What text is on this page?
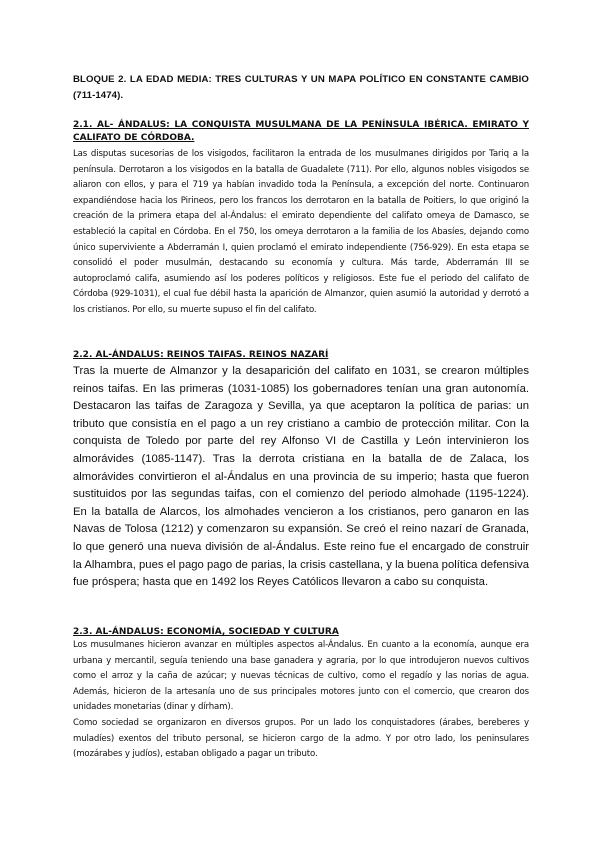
BLOQUE 2. LA EDAD MEDIA: TRES CULTURAS Y UN MAPA POLÍTICO EN CONSTANTE CAMBIO (711-1474).
2.1. AL- ÁNDALUS: LA CONQUISTA MUSULMANA DE LA PENÍNSULA IBÉRICA. EMIRATO Y CALIFATO DE CÓRDOBA.

Las disputas sucesorias de los visigodos, facilitaron la entrada de los musulmanes dirigidos por Tariq a la península. Derrotaron a los visigodos en la batalla de Guadalete (711). Por ello, algunos nobles visigodos se aliaron con ellos, y para el 719 ya habían invadido toda la Península, a excepción del norte. Continuaron expandiéndose hacia los Pirineos, pero los francos los derrotaron en la batalla de Poitiers, lo que originó la creación de la primera etapa del al-Ándalus: el emirato dependiente del califato omeya de Damasco, se estableció la capital en Córdoba. En el 750, los omeya derrotaron a la familia de los Abasíes, dejando como único superviviente a Abderramán I, quien proclamó el emirato independiente (756-929). En esta etapa se consolidó el poder musulmán, destacando su economía y cultura. Más tarde, Abderramán III se autoproclamó califa, asumiendo así los poderes políticos y religiosos. Este fue el periodo del califato de Córdoba (929-1031), el cual fue débil hasta la aparición de Almanzor, quien asumió la autoridad y derrotó a los cristianos. Por ello, su muerte supuso el fin del califato.

2.2. AL-ÁNDALUS: REINOS TAIFAS. REINOS NAZARÍ

Tras la muerte de Almanzor y la desaparición del califato en 1031, se crearon múltiples reinos taifas. En las primeras (1031-1085) los gobernadores tenían una gran autonomía. Destacaron las taifas de Zaragoza y Sevilla, ya que aceptaron la política de parias: un tributo que consistía en el pago a un rey cristiano a cambio de protección militar. Con la conquista de Toledo por parte del rey Alfonso VI de Castilla y León intervinieron los almorávides (1085-1147). Tras la derrota cristiana en la batalla de de Zalaca, los almorávides convirtieron el al-Ándalus en una provincia de su imperio; hasta que fueron sustituidos por las segundas taifas, con el comienzo del periodo almohade (1195-1224). En la batalla de Alarcos, los almohades vencieron a los cristianos, pero ganaron en las Navas de Tolosa (1212) y comenzaron su expansión. Se creó el reino nazarí de Granada, lo que generó una nueva división de al-Ándalus. Este reino fue el encargado de construir la Alhambra, pues el pago pago de parias, la crisis castellana, y la buena política defensiva fue próspera; hasta que en 1492 los Reyes Católicos llevaron a cabo su conquista.

2.3. AL-ÁNDALUS: ECONOMÍA, SOCIEDAD Y CULTURA

Los musulmanes hicieron avanzar en múltiples aspectos al-Ándalus. En cuanto a la economía, aunque era urbana y mercantil, seguía teniendo una base ganadera y agraria, por lo que introdujeron nuevos cultivos como el arroz y la caña de azúcar; y nuevas técnicas de cultivo, como el regadío y las norias de agua. Además, hicieron de la artesanía uno de sus principales motores junto con el comercio, que crearon dos unidades monetarias (dinar y dírham).

Como sociedad se organizaron en diversos grupos. Por un lado los conquistadores (árabes, bereberes y muladíes) exentos del tributo personal, se hicieron cargo de la admo. Y por otro lado, los peninsulares (mozárabes y judíos), estaban obligado a pagar un tributo.
